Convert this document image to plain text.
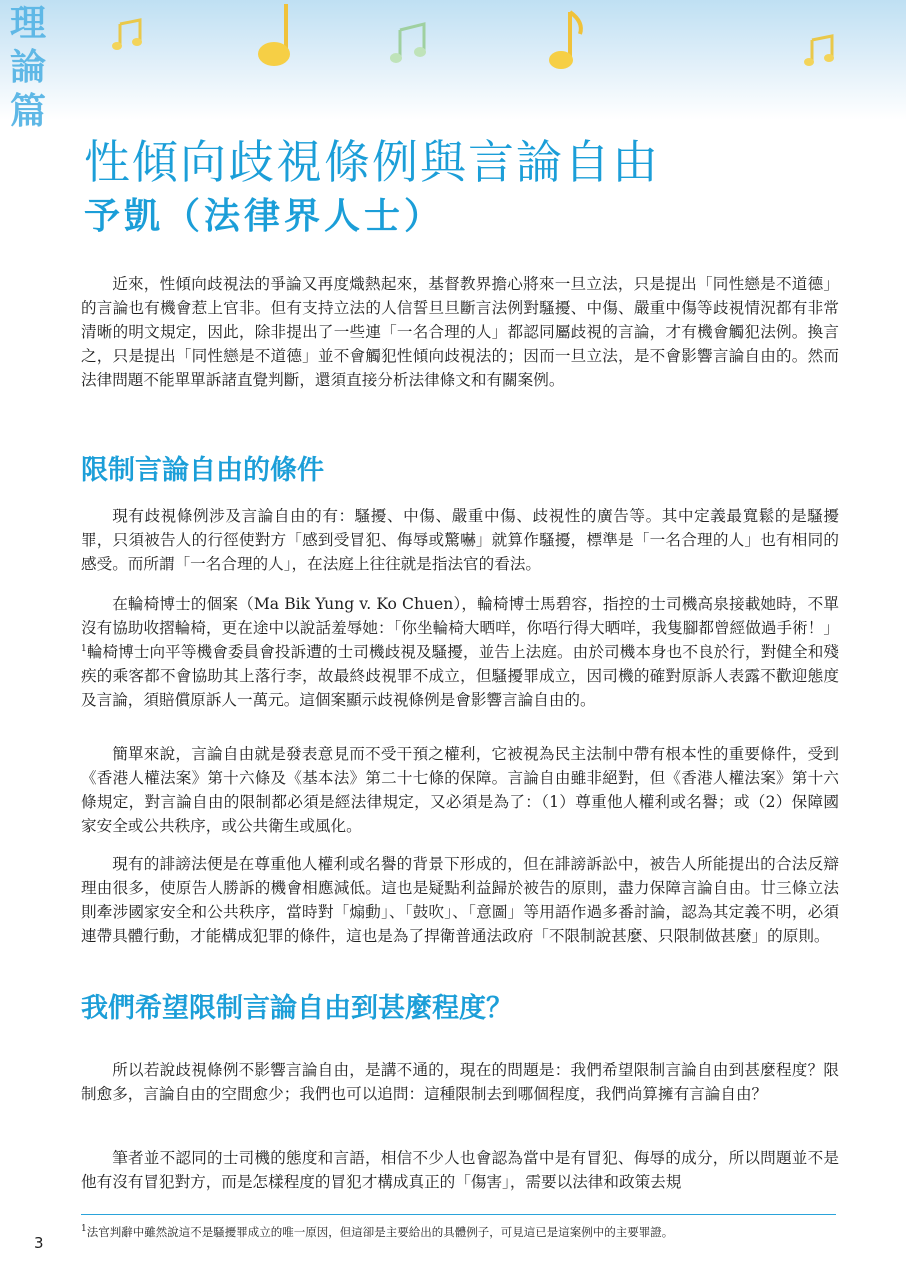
理
論
篇
性傾向歧視條例與言論自由
予凱（法律界人士）

近來，性傾向歧視法的爭論又再度熾熱起來，基督教界擔心將來一旦立法，只是提出「同性戀是不道德」的言論也有機會惹上官非。但有支持立法的人信誓旦旦斷言法例對騷擾、中傷、嚴重中傷等歧視情況都有非常清晰的明文規定，因此，除非提出了一些連「一名合理的人」都認同屬歧視的言論，才有機會觸犯法例。換言之，只是提出「同性戀是不道德」並不會觸犯性傾向歧視法的；因而一旦立法，是不會影響言論自由的。然而法律問題不能單單訴諸直覺判斷，還須直接分析法律條文和有關案例。

限制言論自由的條件

現有歧視條例涉及言論自由的有：騷擾、中傷、嚴重中傷、歧視性的廣告等。其中定義最寬鬆的是騷擾罪，只須被告人的行徑使對方「感到受冒犯、侮辱或驚嚇」就算作騷擾，標準是「一名合理的人」也有相同的感受。而所謂「一名合理的人」，在法庭上往往就是指法官的看法。

在輪椅博士的個案（Ma Bik Yung v. Ko Chuen），輪椅博士馬碧容，指控的士司機高泉接載她時，不單沒有協助收摺輪椅，更在途中以說話羞辱她：「你坐輪椅大晒咩，你唔行得大晒咩，我隻腳都曾經做過手術！」$^1$輪椅博士向平等機會委員會投訴遭的士司機歧視及騷擾，並告上法庭。由於司機本身也不良於行，對健全和殘疾的乘客都不會協助其上落行李，故最終歧視罪不成立，但騷擾罪成立，因司機的確對原訴人表露不歡迎態度及言論，須賠償原訴人一萬元。這個案顯示歧視條例是會影響言論自由的。

簡單來說，言論自由就是發表意見而不受干預之權利，它被視為民主法制中帶有根本性的重要條件，受到《香港人權法案》第十六條及《基本法》第二十七條的保障。言論自由雖非絕對，但《香港人權法案》第十六條規定，對言論自由的限制都必須是經法律規定，又必須是為了：（1）尊重他人權利或名譽；或（2）保障國家安全或公共秩序，或公共衛生或風化。

現有的誹謗法便是在尊重他人權利或名譽的背景下形成的，但在誹謗訴訟中，被告人所能提出的合法反辯理由很多，使原告人勝訴的機會相應減低。這也是疑點利益歸於被告的原則，盡力保障言論自由。廿三條立法則牽涉國家安全和公共秩序，當時對「煽動」、「鼓吹」、「意圖」等用語作過多番討論，認為其定義不明，必須連帶具體行動，才能構成犯罪的條件，這也是為了捍衛普通法政府「不限制說甚麼、只限制做甚麼」的原則。

我們希望限制言論自由到甚麼程度？

所以若說歧視條例不影響言論自由，是講不通的，現在的問題是：我們希望限制言論自由到甚麼程度？限制愈多，言論自由的空間愈少；我們也可以追問：這種限制去到哪個程度，我們尚算擁有言論自由？

筆者並不認同的士司機的態度和言語，相信不少人也會認為當中是有冒犯、侮辱的成分，所以問題並不是他有沒有冒犯對方，而是怎樣程度的冒犯才構成真正的「傷害」，需要以法律和政策去規

$^1$法官判辭中雖然說這不是騷擾罪成立的唯一原因，但這卻是主要給出的具體例子，可見這已是這案例中的主要罪證。

3
